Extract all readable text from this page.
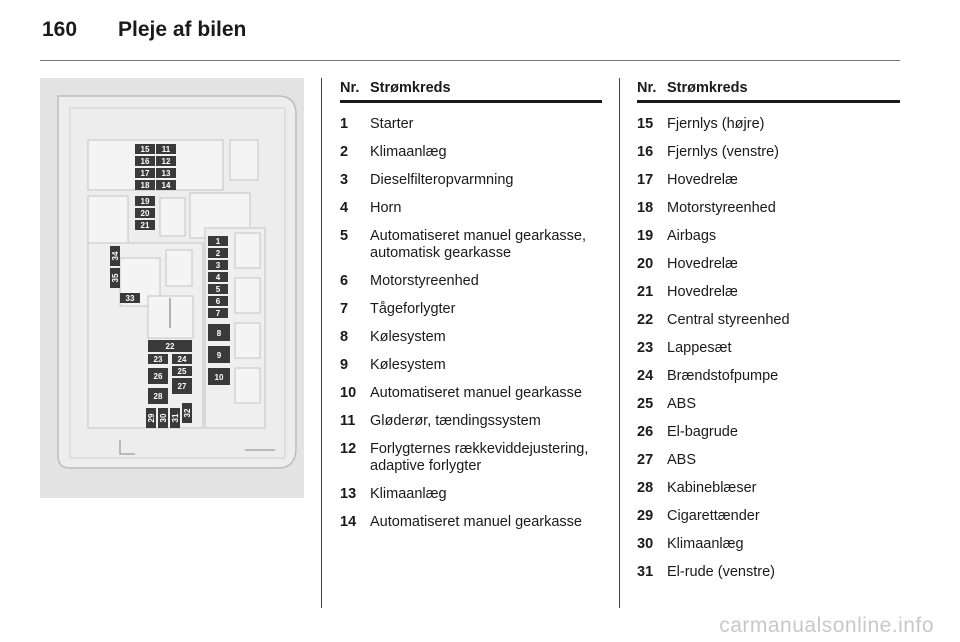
160	Pleje af bilen
15 11
16 12
17 13
18 14
19
20
21
1
2
3
4
5
6
7
8
9
10
34
35
33
22
23 24
25
26
27
28
29 30 31
32
Nr. Strømkreds
1	Starter
2	Klimaanlæg
3	Dieselfilteropvarmning
4	Horn
5	Automatiseret manuel gearkasse, automatisk gearkasse
6	Motorstyreenhed
7	Tågeforlygter
8	Kølesystem
9	Kølesystem
10 Automatiseret manuel gearkasse
11	Gløderør, tændingssystem
12 Forlygternes rækkeviddejustering, adaptive forlygter
13 Klimaanlæg
14 Automatiseret manuel gearkasse
Nr. Strømkreds
15 Fjernlys (højre)
16 Fjernlys (venstre)
17 Hovedrelæ
18 Motorstyreenhed
19 Airbags
20 Hovedrelæ
21 Hovedrelæ
22 Central styreenhed
23 Lappesæt
24 Brændstofpumpe
25 ABS
26 El-bagrude
27 ABS
28 Kabineblæser
29 Cigarettænder
30 Klimaanlæg
31 El-rude (venstre)
carmanualsonline.info
